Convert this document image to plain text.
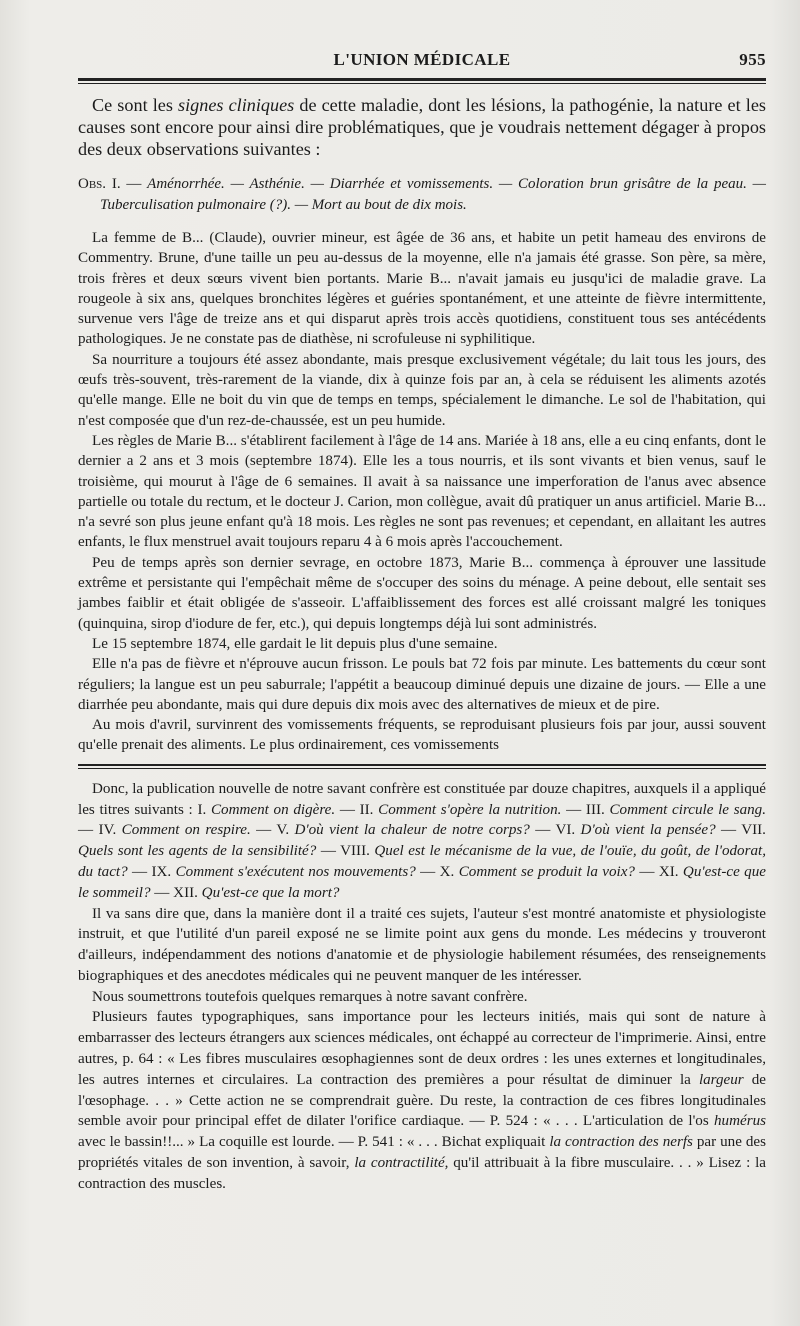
L'UNION MÉDICALE	955

Ce sont les signes cliniques de cette maladie, dont les lésions, la pathogénie, la nature et les causes sont encore pour ainsi dire problématiques, que je voudrais nettement dégager à propos des deux observations suivantes :

Obs. I. — Aménorrhée. — Asthénie. — Diarrhée et vomissements. — Coloration brun grisâtre de la peau. — Tuberculisation pulmonaire (?). — Mort au bout de dix mois.

La femme de B... (Claude), ouvrier mineur, est âgée de 36 ans, et habite un petit hameau des environs de Commentry. Brune, d'une taille un peu au-dessus de la moyenne, elle n'a jamais été grasse. Son père, sa mère, trois frères et deux sœurs vivent bien portants. Marie B... n'avait jamais eu jusqu'ici de maladie grave. La rougeole à six ans, quelques bronchites légères et guéries spontanément, et une atteinte de fièvre intermittente, survenue vers l'âge de treize ans et qui disparut après trois accès quotidiens, constituent tous ses antécédents pathologiques. Je ne constate pas de diathèse, ni scrofuleuse ni syphilitique.

Sa nourriture a toujours été assez abondante, mais presque exclusivement végétale; du lait tous les jours, des œufs très-souvent, très-rarement de la viande, dix à quinze fois par an, à cela se réduisent les aliments azotés qu'elle mange. Elle ne boit du vin que de temps en temps, spécialement le dimanche. Le sol de l'habitation, qui n'est composée que d'un rez-de-chaussée, est un peu humide.

Les règles de Marie B... s'établirent facilement à l'âge de 14 ans. Mariée à 18 ans, elle a eu cinq enfants, dont le dernier a 2 ans et 3 mois (septembre 1874). Elle les a tous nourris, et ils sont vivants et bien venus, sauf le troisième, qui mourut à l'âge de 6 semaines. Il avait à sa naissance une imperforation de l'anus avec absence partielle ou totale du rectum, et le docteur J. Carion, mon collègue, avait dû pratiquer un anus artificiel. Marie B... n'a sevré son plus jeune enfant qu'à 18 mois. Les règles ne sont pas revenues; et cependant, en allaitant les autres enfants, le flux menstruel avait toujours reparu 4 à 6 mois après l'accouchement.

Peu de temps après son dernier sevrage, en octobre 1873, Marie B... commença à éprouver une lassitude extrême et persistante qui l'empêchait même de s'occuper des soins du ménage. A peine debout, elle sentait ses jambes faiblir et était obligée de s'asseoir. L'affaiblissement des forces est allé croissant malgré les toniques (quinquina, sirop d'iodure de fer, etc.), qui depuis longtemps déjà lui sont administrés.

Le 15 septembre 1874, elle gardait le lit depuis plus d'une semaine.

Elle n'a pas de fièvre et n'éprouve aucun frisson. Le pouls bat 72 fois par minute. Les battements du cœur sont réguliers; la langue est un peu saburrale; l'appétit a beaucoup diminué depuis une dizaine de jours. — Elle a une diarrhée peu abondante, mais qui dure depuis dix mois avec des alternatives de mieux et de pire.

Au mois d'avril, survinrent des vomissements fréquents, se reproduisant plusieurs fois par jour, aussi souvent qu'elle prenait des aliments. Le plus ordinairement, ces vomissements

Donc, la publication nouvelle de notre savant confrère est constituée par douze chapitres, auxquels il a appliqué les titres suivants : I. Comment on digère. — II. Comment s'opère la nutrition. — III. Comment circule le sang. — IV. Comment on respire. — V. D'où vient la chaleur de notre corps? — VI. D'où vient la pensée? — VII. Quels sont les agents de la sensibilité? — VIII. Quel est le mécanisme de la vue, de l'ouïe, du goût, de l'odorat, du tact? — IX. Comment s'exécutent nos mouvements? — X. Comment se produit la voix? — XI. Qu'est-ce que le sommeil? — XII. Qu'est-ce que la mort?

Il va sans dire que, dans la manière dont il a traité ces sujets, l'auteur s'est montré anatomiste et physiologiste instruit, et que l'utilité d'un pareil exposé ne se limite point aux gens du monde. Les médecins y trouveront d'ailleurs, indépendamment des notions d'anatomie et de physiologie habilement résumées, des renseignements biographiques et des anecdotes médicales qui ne peuvent manquer de les intéresser.

Nous soumettrons toutefois quelques remarques à notre savant confrère.

Plusieurs fautes typographiques, sans importance pour les lecteurs initiés, mais qui sont de nature à embarrasser des lecteurs étrangers aux sciences médicales, ont échappé au correcteur de l'imprimerie. Ainsi, entre autres, p. 64 : « Les fibres musculaires œsophagiennes sont de deux ordres : les unes externes et longitudinales, les autres internes et circulaires. La contraction des premières a pour résultat de diminuer la largeur de l'œsophage. . . » Cette action ne se comprendrait guère. Du reste, la contraction de ces fibres longitudinales semble avoir pour principal effet de dilater l'orifice cardiaque. — P. 524 : « . . . L'articulation de l'os humérus avec le bassin!!... » La coquille est lourde. — P. 541 : « . . . Bichat expliquait la contraction des nerfs par une des propriétés vitales de son invention, à savoir, la contractilité, qu'il attribuait à la fibre musculaire. . . » Lisez : la contraction des muscles.
